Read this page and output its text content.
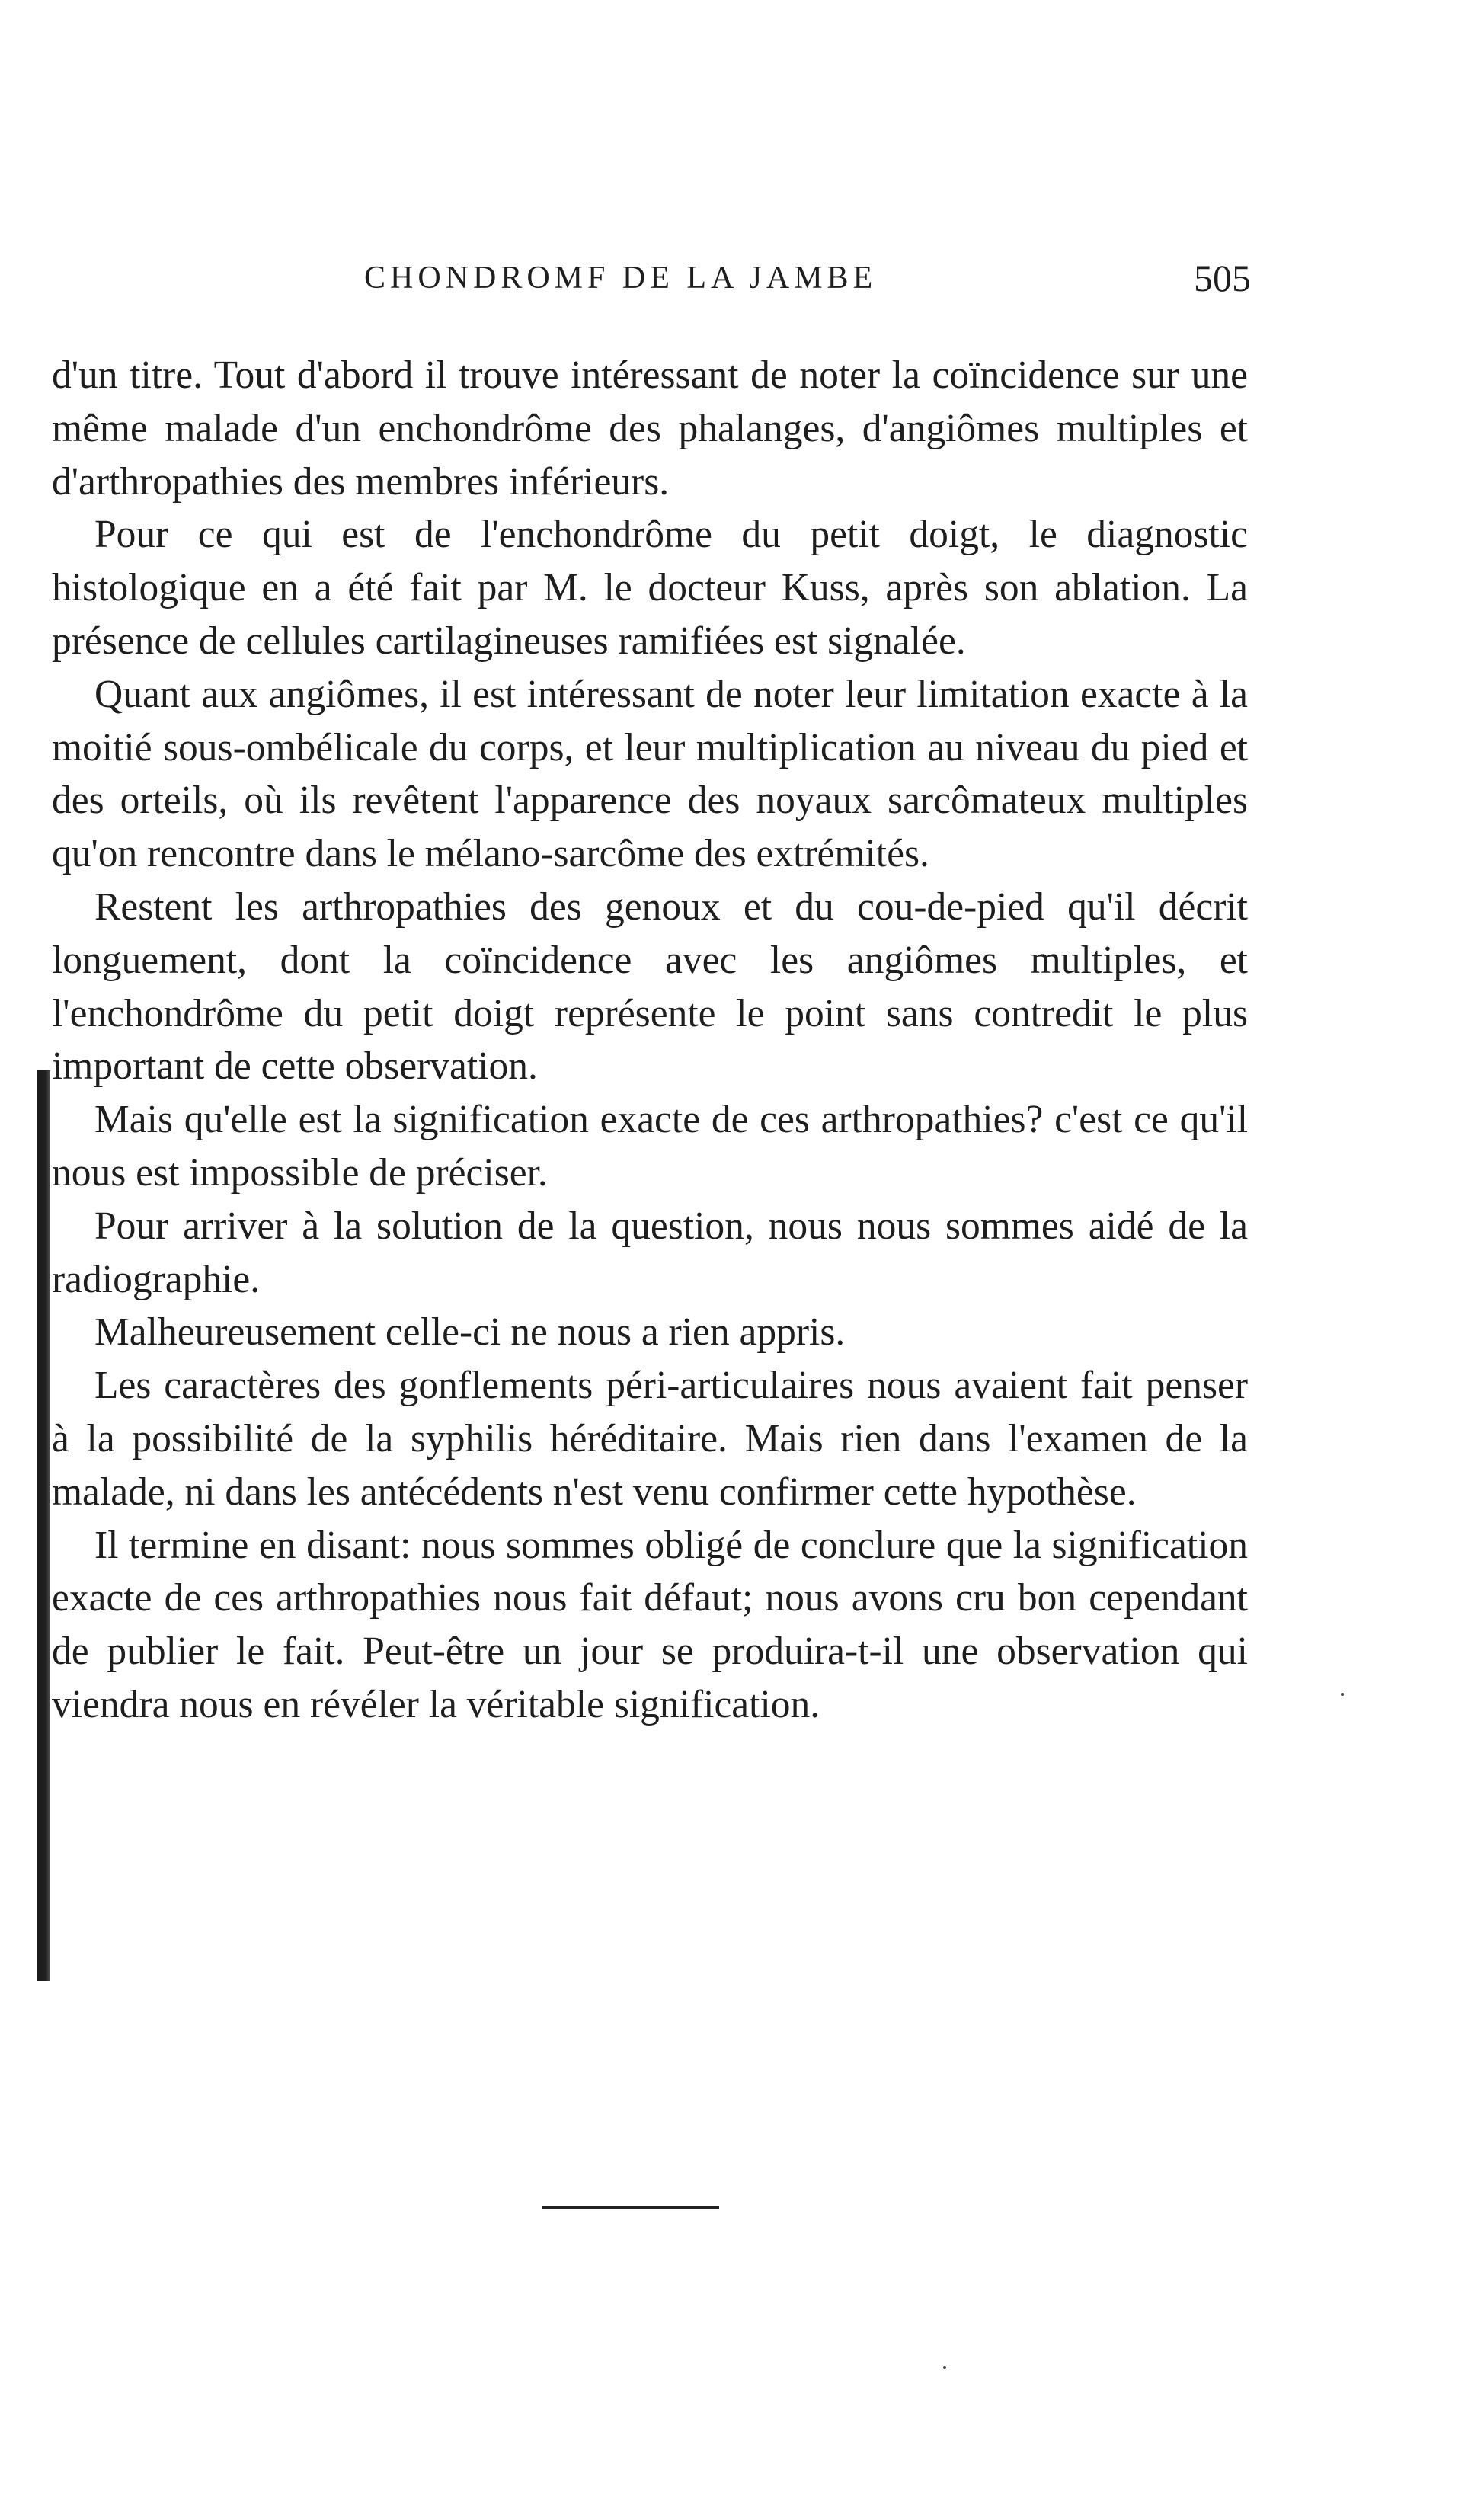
CHONDROMF DE LA JAMBE	505

d'un titre. Tout d'abord il trouve intéressant de noter la coïncidence sur une même malade d'un enchondrôme des phalanges, d'angiômes multiples et d'arthropathies des membres inférieurs.

Pour ce qui est de l'enchondrôme du petit doigt, le diagnostic histologique en a été fait par M. le docteur Kuss, après son ablation. La présence de cellules cartilagineuses ramifiées est signalée.

Quant aux angiômes, il est intéressant de noter leur limitation exacte à la moitié sous-ombélicale du corps, et leur multiplication au niveau du pied et des orteils, où ils revêtent l'apparence des noyaux sarcômateux multiples qu'on rencontre dans le mélano-sarcôme des extrémités.

Restent les arthropathies des genoux et du cou-de-pied qu'il décrit longuement, dont la coïncidence avec les angiômes multiples, et l'enchondrôme du petit doigt représente le point sans contredit le plus important de cette observation.

Mais qu'elle est la signification exacte de ces arthropathies? c'est ce qu'il nous est impossible de préciser.

Pour arriver à la solution de la question, nous nous sommes aidé de la radiographie.

Malheureusement celle-ci ne nous a rien appris.

Les caractères des gonflements péri-articulaires nous avaient fait penser à la possibilité de la syphilis héréditaire. Mais rien dans l'examen de la malade, ni dans les antécédents n'est venu confirmer cette hypothèse.

Il termine en disant: nous sommes obligé de conclure que la signification exacte de ces arthropathies nous fait défaut; nous avons cru bon cependant de publier le fait. Peut-être un jour se produira-t-il une observation qui viendra nous en révéler la véritable signification.
